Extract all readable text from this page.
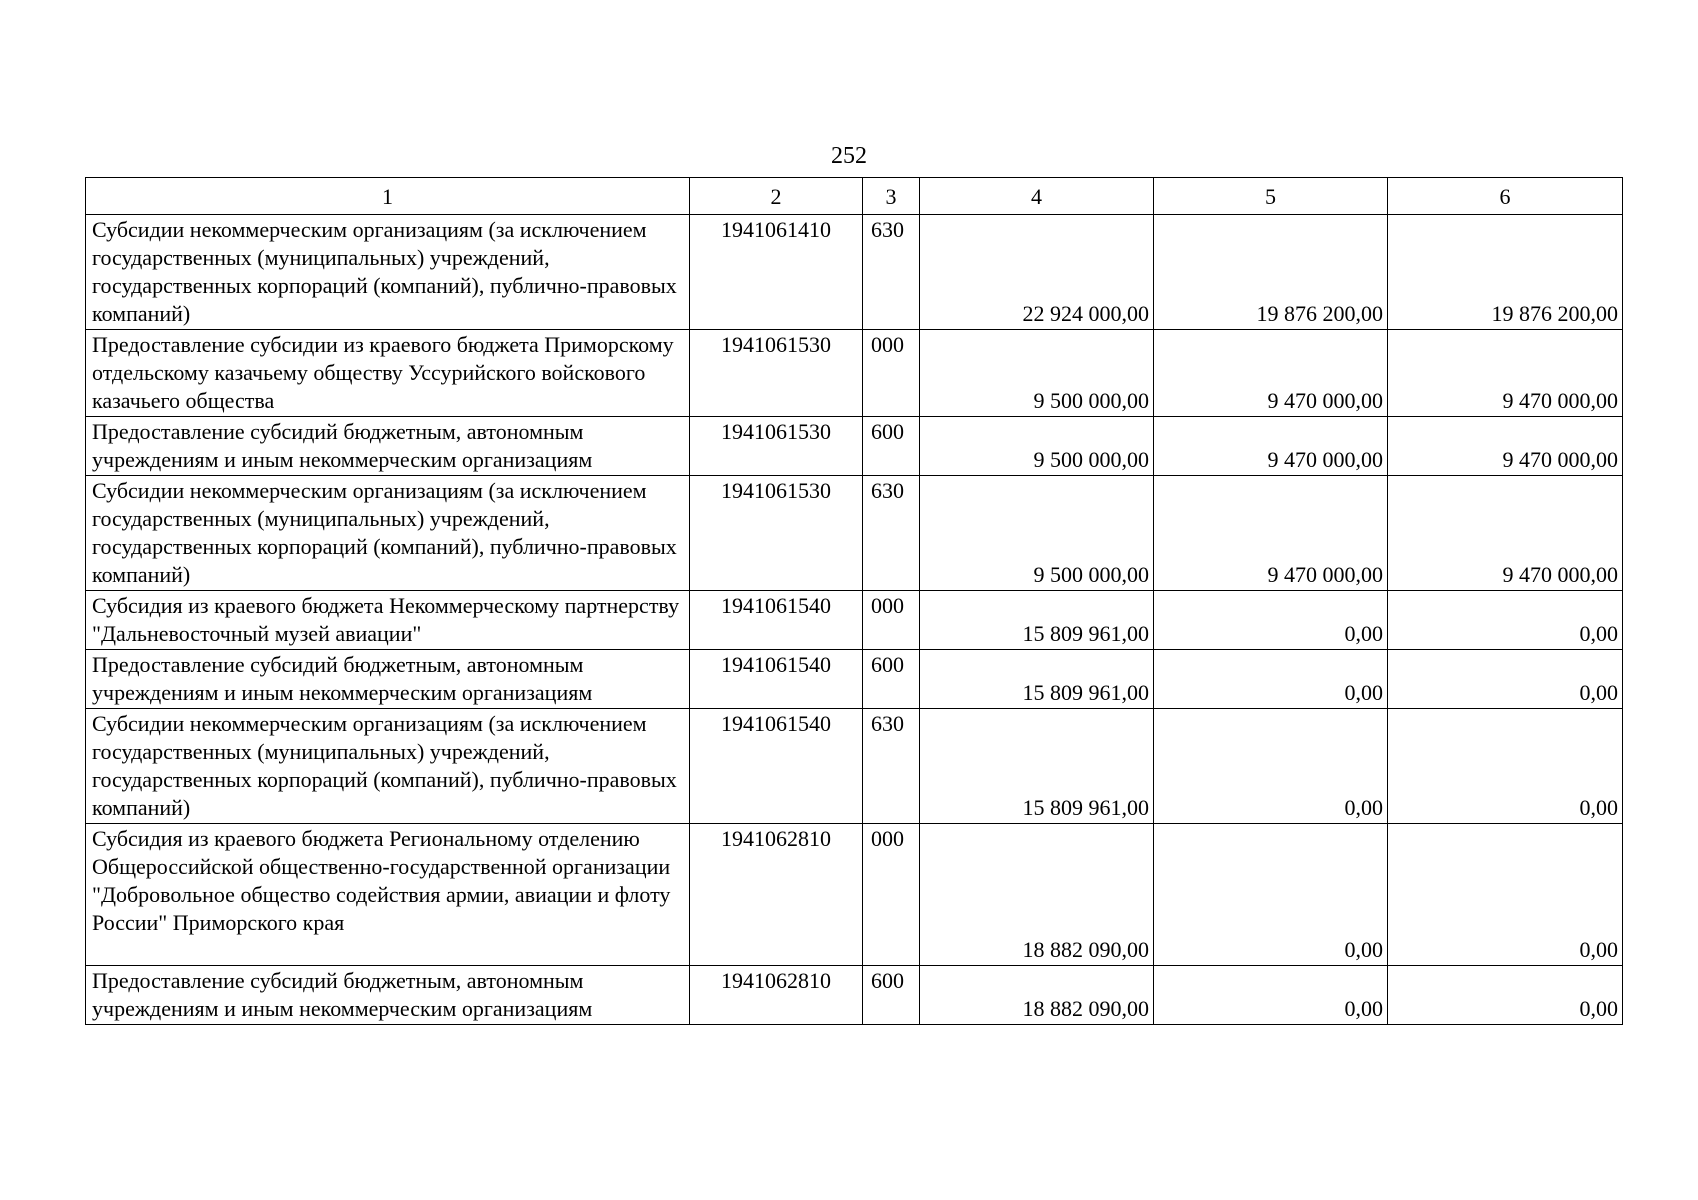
252
1	2	3	4	5	6
Субсидии некоммерческим организациям (за исключением государственных (муниципальных) учреждений, государственных корпораций (компаний), публично-правовых компаний)	1941061410	630	22 924 000,00	19 876 200,00	19 876 200,00
Предоставление субсидии из краевого бюджета Приморскому отдельскому казачьему обществу Уссурийского войскового казачьего общества	1941061530	000	9 500 000,00	9 470 000,00	9 470 000,00
Предоставление субсидий бюджетным, автономным учреждениям и иным некоммерческим организациям	1941061530	600	9 500 000,00	9 470 000,00	9 470 000,00
Субсидии некоммерческим организациям (за исключением государственных (муниципальных) учреждений, государственных корпораций (компаний), публично-правовых компаний)	1941061530	630	9 500 000,00	9 470 000,00	9 470 000,00
Субсидия из краевого бюджета Некоммерческому партнерству "Дальневосточный музей авиации"	1941061540	000	15 809 961,00	0,00	0,00
Предоставление субсидий бюджетным, автономным учреждениям и иным некоммерческим организациям	1941061540	600	15 809 961,00	0,00	0,00
Субсидии некоммерческим организациям (за исключением государственных (муниципальных) учреждений, государственных корпораций (компаний), публично-правовых компаний)	1941061540	630	15 809 961,00	0,00	0,00
Субсидия из краевого бюджета Региональному отделению Общероссийской общественно-государственной организации "Добровольное общество содействия армии, авиации и флоту России" Приморского края	1941062810	000	18 882 090,00	0,00	0,00
Предоставление субсидий бюджетным, автономным учреждениям и иным некоммерческим организациям	1941062810	600	18 882 090,00	0,00	0,00
